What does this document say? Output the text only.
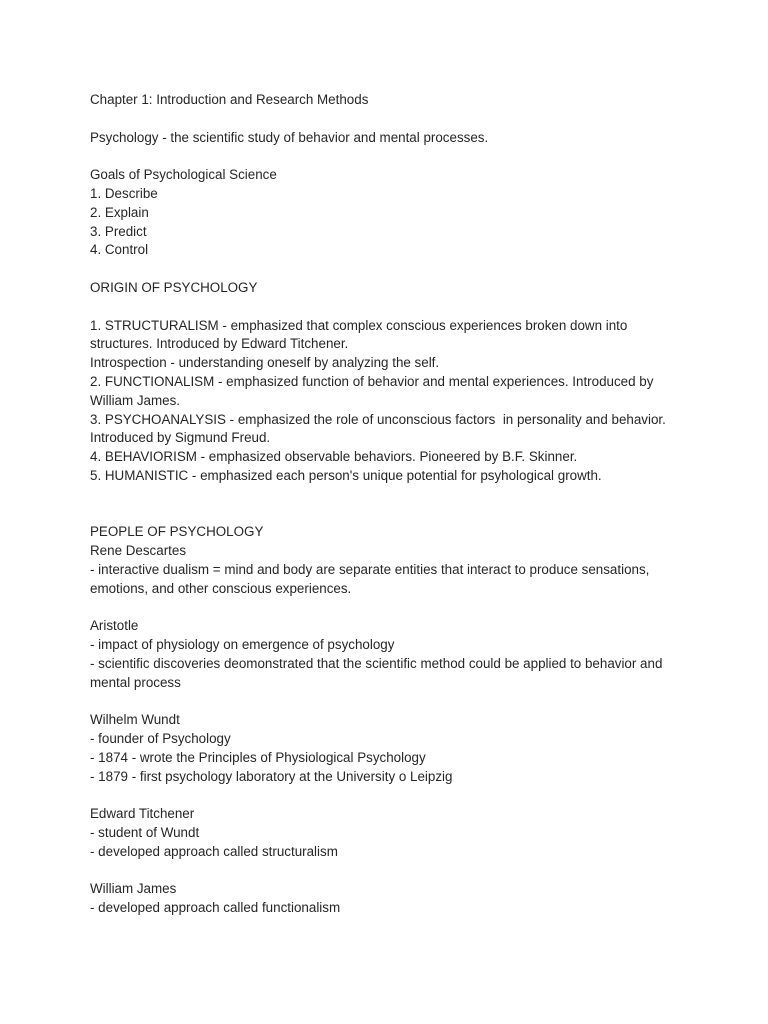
Chapter 1: Introduction and Research Methods
Psychology - the scientific study of behavior and mental processes.
Goals of Psychological Science
1. Describe
2. Explain
3. Predict
4. Control
ORIGIN OF PSYCHOLOGY
1. STRUCTURALISM - emphasized that complex conscious experiences broken down into structures. Introduced by Edward Titchener.
Introspection - understanding oneself by analyzing the self.
2. FUNCTIONALISM - emphasized function of behavior and mental experiences. Introduced by William James.
3. PSYCHOANALYSIS - emphasized the role of unconscious factors  in personality and behavior. Introduced by Sigmund Freud.
4. BEHAVIORISM - emphasized observable behaviors. Pioneered by B.F. Skinner.
5. HUMANISTIC - emphasized each person's unique potential for psyhological growth.
PEOPLE OF PSYCHOLOGY
Rene Descartes
- interactive dualism = mind and body are separate entities that interact to produce sensations, emotions, and other conscious experiences.
Aristotle
- impact of physiology on emergence of psychology
- scientific discoveries deomonstrated that the scientific method could be applied to behavior and mental process
Wilhelm Wundt
- founder of Psychology
- 1874 - wrote the Principles of Physiological Psychology
- 1879 - first psychology laboratory at the University o Leipzig
Edward Titchener
- student of Wundt
- developed approach called structuralism
William James
- developed approach called functionalism
